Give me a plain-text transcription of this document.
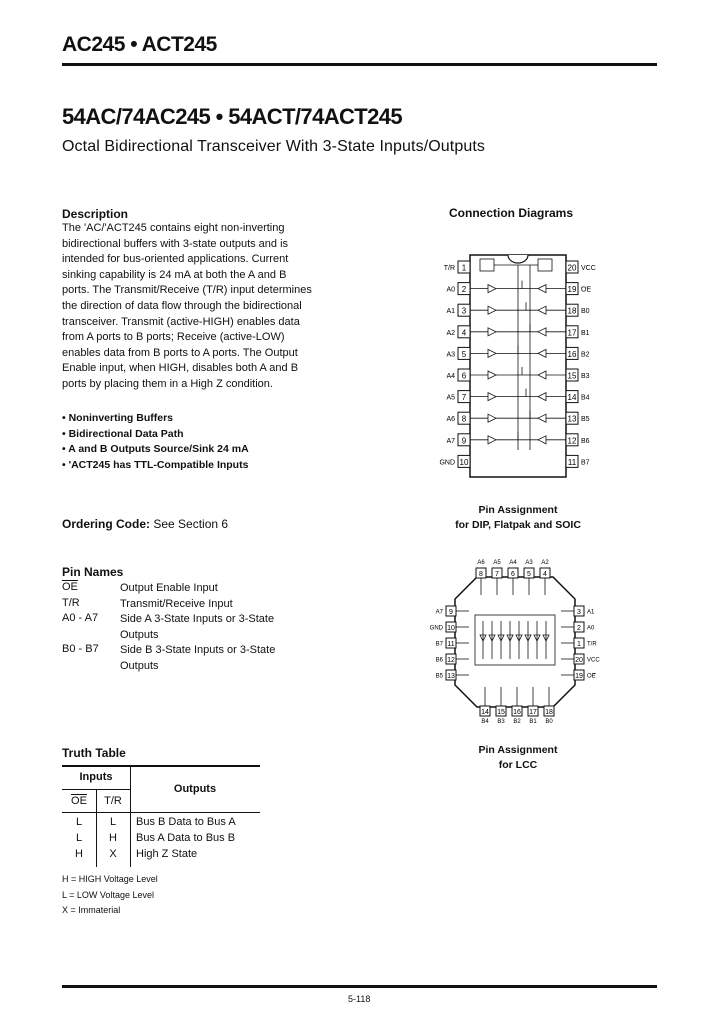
AC245 • ACT245
54AC/74AC245 • 54ACT/74ACT245
Octal Bidirectional Transceiver With 3-State Inputs/Outputs
Description
The 'AC/'ACT245 contains eight non-inverting
bidirectional buffers with 3-state outputs and is
intended for bus-oriented applications. Current
sinking capability is 24 mA at both the A and B
ports. The Transmit/Receive (T/R) input determines
the direction of data flow through the bidirectional
transceiver. Transmit (active-HIGH) enables data
from A ports to B ports; Receive (active-LOW)
enables data from B ports to A ports. The Output
Enable input, when HIGH, disables both A and B
ports by placing them in a High Z condition.
• Noninverting Buffers
• Bidirectional Data Path
• A and B Outputs Source/Sink 24 mA
• 'ACT245 has TTL-Compatible Inputs
Ordering Code: See Section 6
Pin Names
$\overline{OE}$	Output Enable Input
T/R	Transmit/Receive Input
A0 - A7	Side A 3-State Inputs or 3-State Outputs
B0 - B7	Side B 3-State Inputs or 3-State Outputs
Truth Table
Inputs
Outputs
$\overline{OE}$	T/R
L	L	Bus B Data to Bus A
L	H	Bus A Data to Bus B
H	X	High Z State
H = HIGH Voltage Level
L = LOW Voltage Level
X = Immaterial
Connection Diagrams
1
T/R
2
A0
3
A1
4
A2
5
A3
6
A4
7
A5
8
A6
9
A7
10
GND
20 VCC
19 OE
18 B0
17 B1
16 B2
15 B3
14 B4
13 B5
12 B6
11 B7
Pin Assignment
for DIP, Flatpak and SOIC
8
A6
7
A5
6
A4
5
A3
4
A2
9
A7
10
GND
11
B7
12
B6
13
B5
3 A1
2 A0
1 T/R
20 VCC
19 OE
14
B4
15
B3
16
B2
17
B1
18
B0
Pin Assignment
for LCC
5-118
